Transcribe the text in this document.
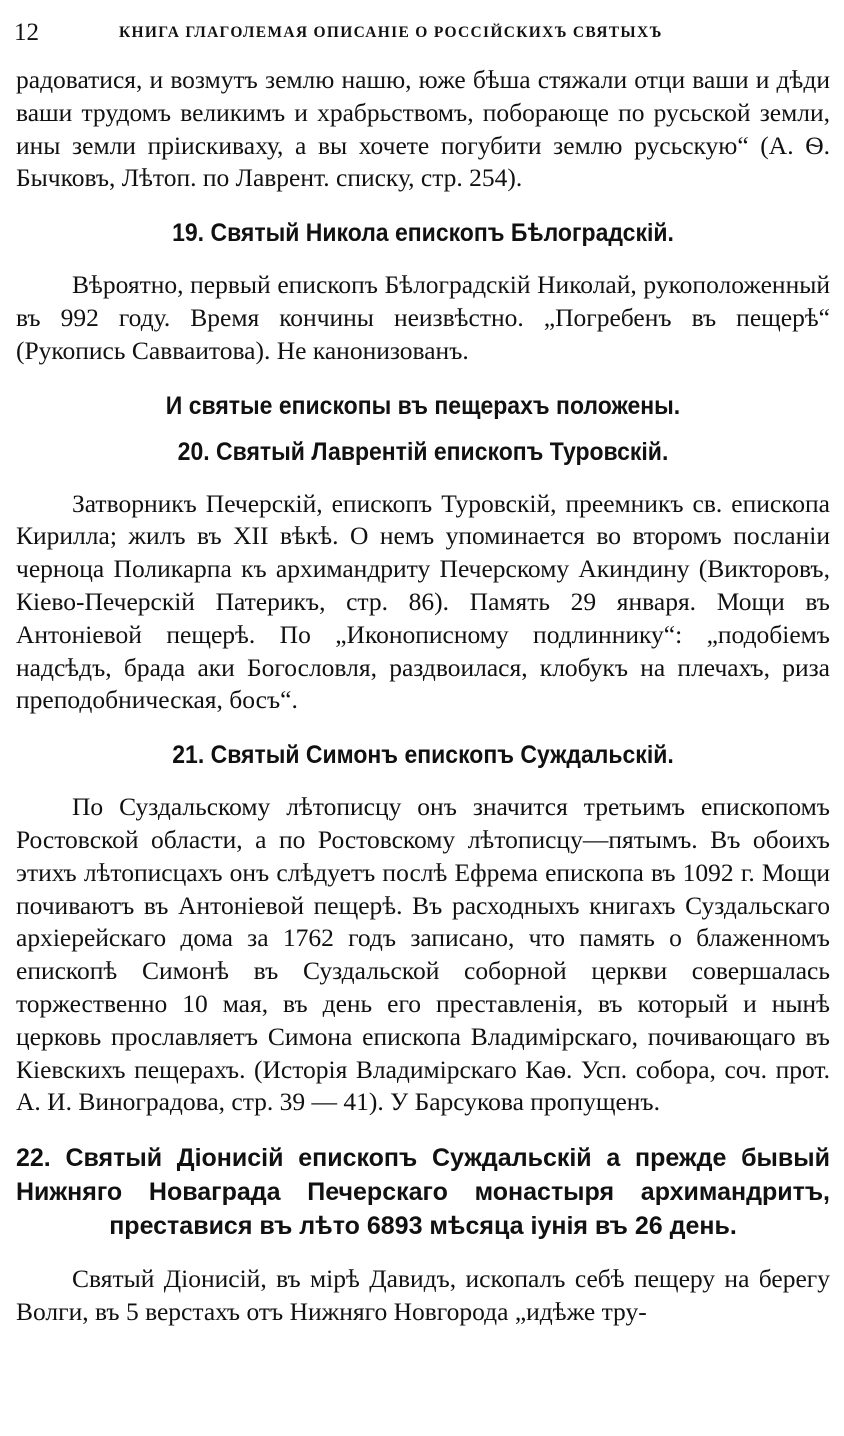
12	КНИГА ГЛАГОЛЕМАЯ ОПИСАНІЕ О РОССІЙСКИХЪ СВЯТЫХЪ

радоватися, и возмутъ землю нашю, юже бѣша стяжали отци ваши и дѣди ваши трудомъ великимъ и храбрьствомъ, поборающе по русьской земли, ины земли прiискиваху, а вы хочете погубити землю русьскую“ (А. Ѳ. Бычковъ, Лѣтоп. по Лаврент. списку, стр. 254).

19. Святый Никола епископъ Бѣлоградскій.

Вѣроятно, первый епископъ Бѣлоградскій Николай, рукоположенный въ 992 году. Время кончины неизвѣстно. „Погребенъ въ пещерѣ“ (Рукопись Савваитова). Не канонизованъ.

И святые епископы въ пещерахъ положены.
20. Святый Лаврентій епископъ Туровскій.

Затворникъ Печерскій, епископъ Туровскій, преемникъ св. епископа Кирилла; жилъ въ XII вѣкѣ. О немъ упоминается во второмъ посланіи черноца Поликарпа къ архимандриту Печерскому Акиндину (Викторовъ, Кіево-Печерскій Патерикъ, стр. 86). Память 29 января. Мощи въ Антоніевой пещерѣ. По „Иконописному подлиннику“: „подобіемъ надсѣдъ, брада аки Богословля, раздвоилася, клобукъ на плечахъ, риза преподобническая, босъ“.

21. Святый Симонъ епископъ Суждальскій.

По Суздальскому лѣтописцу онъ значится третьимъ епископомъ Ростовской области, а по Ростовскому лѣтописцу—пятымъ. Въ обоихъ этихъ лѣтописцахъ онъ слѣдуетъ послѣ Ефрема епископа въ 1092 г. Мощи почиваютъ въ Антоніевой пещерѣ. Въ расходныхъ книгахъ Суздальскаго архіерейскаго дома за 1762 годъ записано, что память о блаженномъ епископѣ Симонѣ въ Суздальской соборной церкви совершалась торжественно 10 мая, въ день его преставленія, въ который и нынѣ церковь прославляетъ Симона епископа Владимірскаго, почивающаго въ Кіевскихъ пещерахъ. (Исторія Владимірскаго Каѳ. Усп. собора, соч. прот. А. И. Виноградова, стр. 39 — 41). У Барсукова пропущенъ.

22. Святый Діонисій епископъ Суждальскій а прежде бывый Нижняго Новаграда Печерскаго монастыря архимандритъ, преставися въ лѣто 6893 мѣсяца іунія въ 26 день.

Святый Діонисій, въ мірѣ Давидъ, ископалъ себѣ пещеру на берегу Волги, въ 5 верстахъ отъ Нижняго Новгорода „идѣже тру-
